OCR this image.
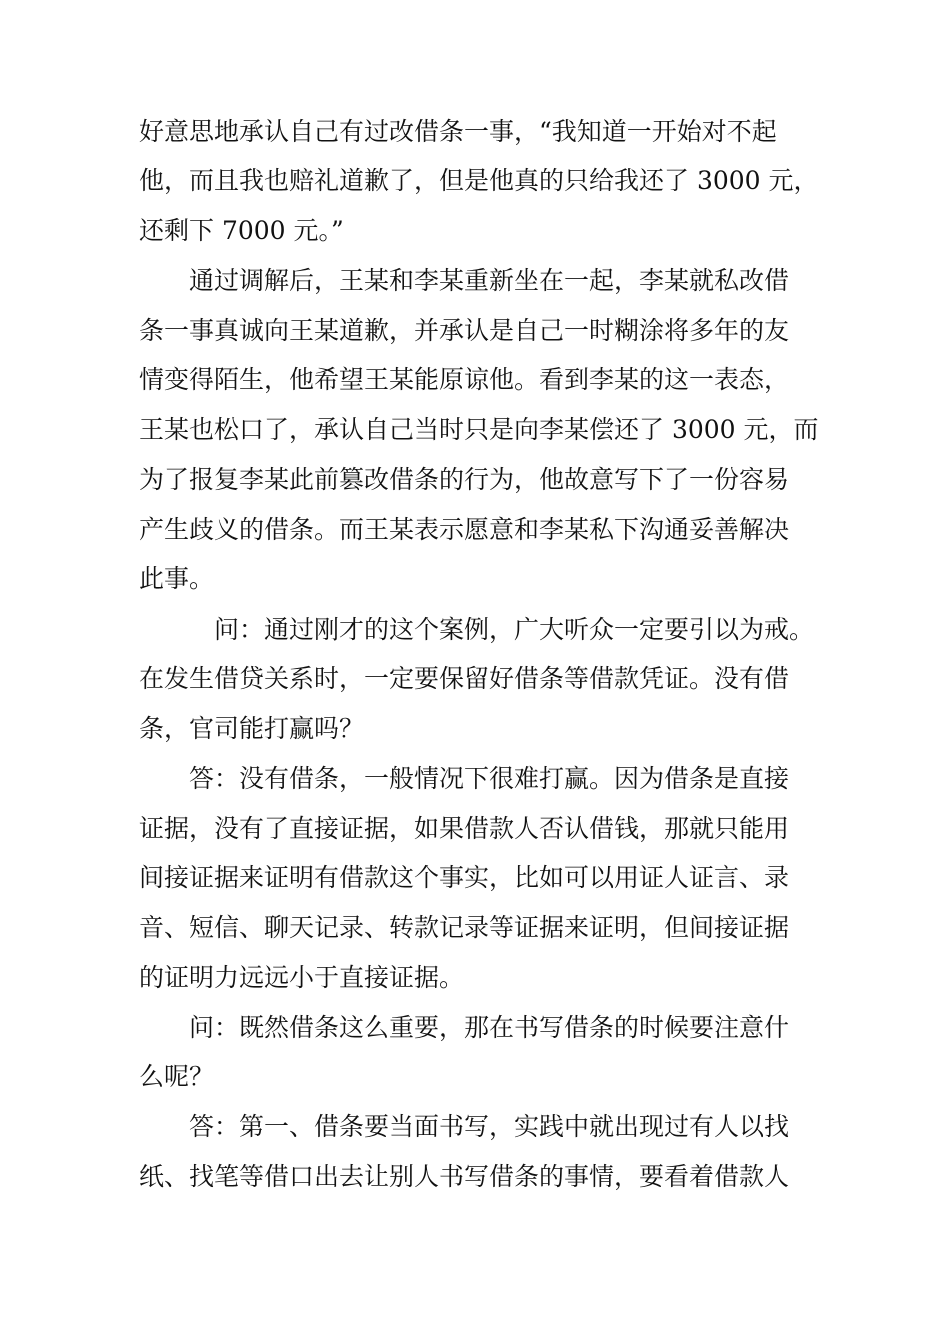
好意思地承认自己有过改借条一事，“我知道一开始对不起
他，而且我也赔礼道歉了，但是他真的只给我还了 3000 元，
还剩下 7000 元。”
通过调解后，王某和李某重新坐在一起，李某就私改借
条一事真诚向王某道歉，并承认是自己一时糊涂将多年的友
情变得陌生，他希望王某能原谅他。看到李某的这一表态，
王某也松口了，承认自己当时只是向李某偿还了 3000 元，而
为了报复李某此前篡改借条的行为，他故意写下了一份容易
产生歧义的借条。而王某表示愿意和李某私下沟通妥善解决
此事。
问：通过刚才的这个案例，广大听众一定要引以为戒。
在发生借贷关系时，一定要保留好借条等借款凭证。没有借
条，官司能打赢吗？
答：没有借条，一般情况下很难打赢。因为借条是直接
证据，没有了直接证据，如果借款人否认借钱，那就只能用
间接证据来证明有借款这个事实，比如可以用证人证言、录
音、短信、聊天记录、转款记录等证据来证明，但间接证据
的证明力远远小于直接证据。
问：既然借条这么重要，那在书写借条的时候要注意什
么呢？
答：第一、借条要当面书写，实践中就出现过有人以找
纸、找笔等借口出去让别人书写借条的事情，要看着借款人
